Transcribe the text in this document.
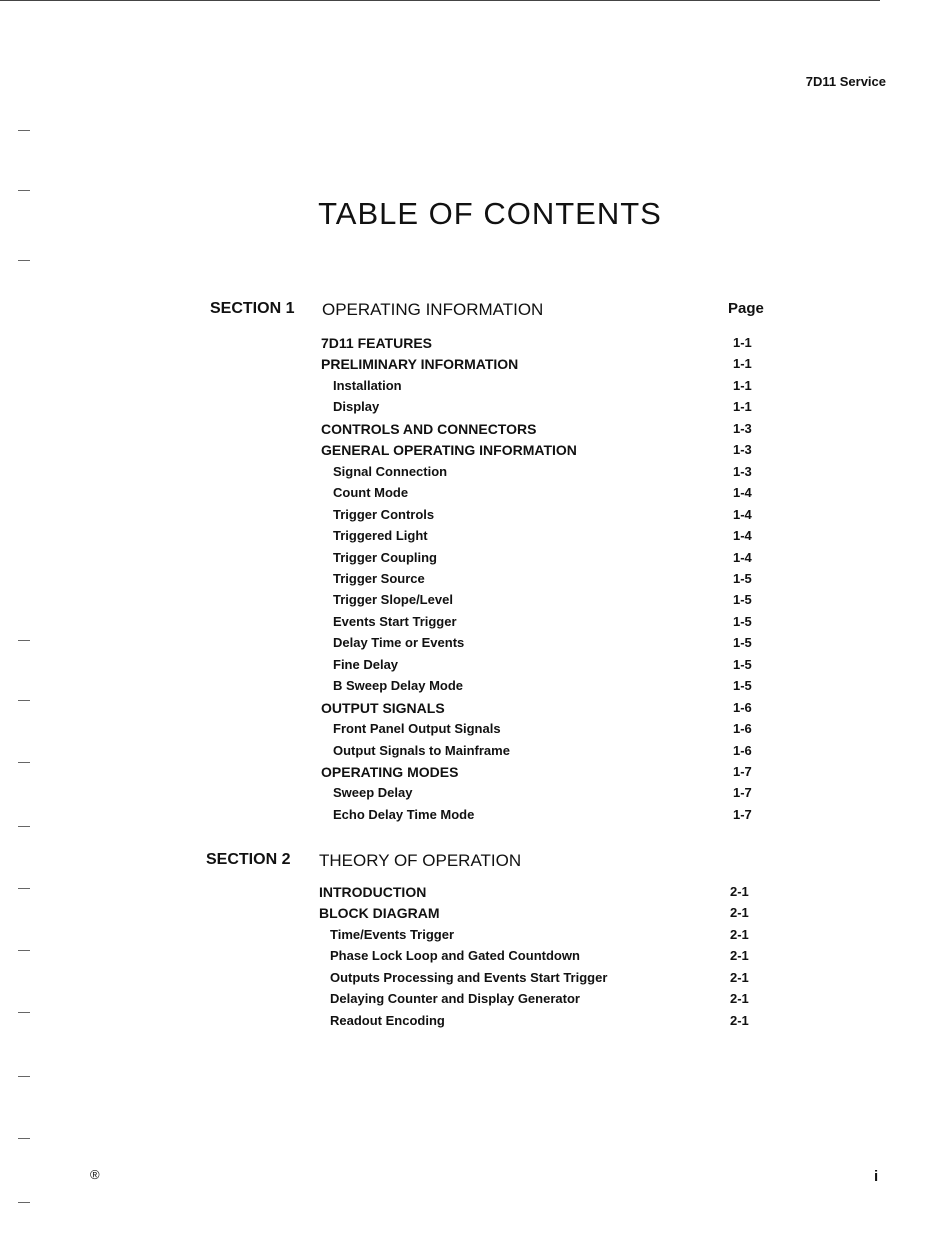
7D11 Service
TABLE OF CONTENTS
SECTION 1 OPERATING INFORMATION	Page
7D11 FEATURES	1-1
PRELIMINARY INFORMATION	1-1
Installation	1-1
Display	1-1
CONTROLS AND CONNECTORS	1-3
GENERAL OPERATING INFORMATION	1-3
Signal Connection	1-3
Count Mode	1-4
Trigger Controls	1-4
Triggered Light	1-4
Trigger Coupling	1-4
Trigger Source	1-5
Trigger Slope/Level	1-5
Events Start Trigger	1-5
Delay Time or Events	1-5
Fine Delay	1-5
B Sweep Delay Mode	1-5
OUTPUT SIGNALS	1-6
Front Panel Output Signals	1-6
Output Signals to Mainframe	1-6
OPERATING MODES	1-7
Sweep Delay	1-7
Echo Delay Time Mode	1-7
SECTION 2 THEORY OF OPERATION
INTRODUCTION	2-1
BLOCK DIAGRAM	2-1
Time/Events Trigger	2-1
Phase Lock Loop and Gated Countdown	2-1
Outputs Processing and Events Start Trigger	2-1
Delaying Counter and Display Generator	2-1
Readout Encoding	2-1
®	i
